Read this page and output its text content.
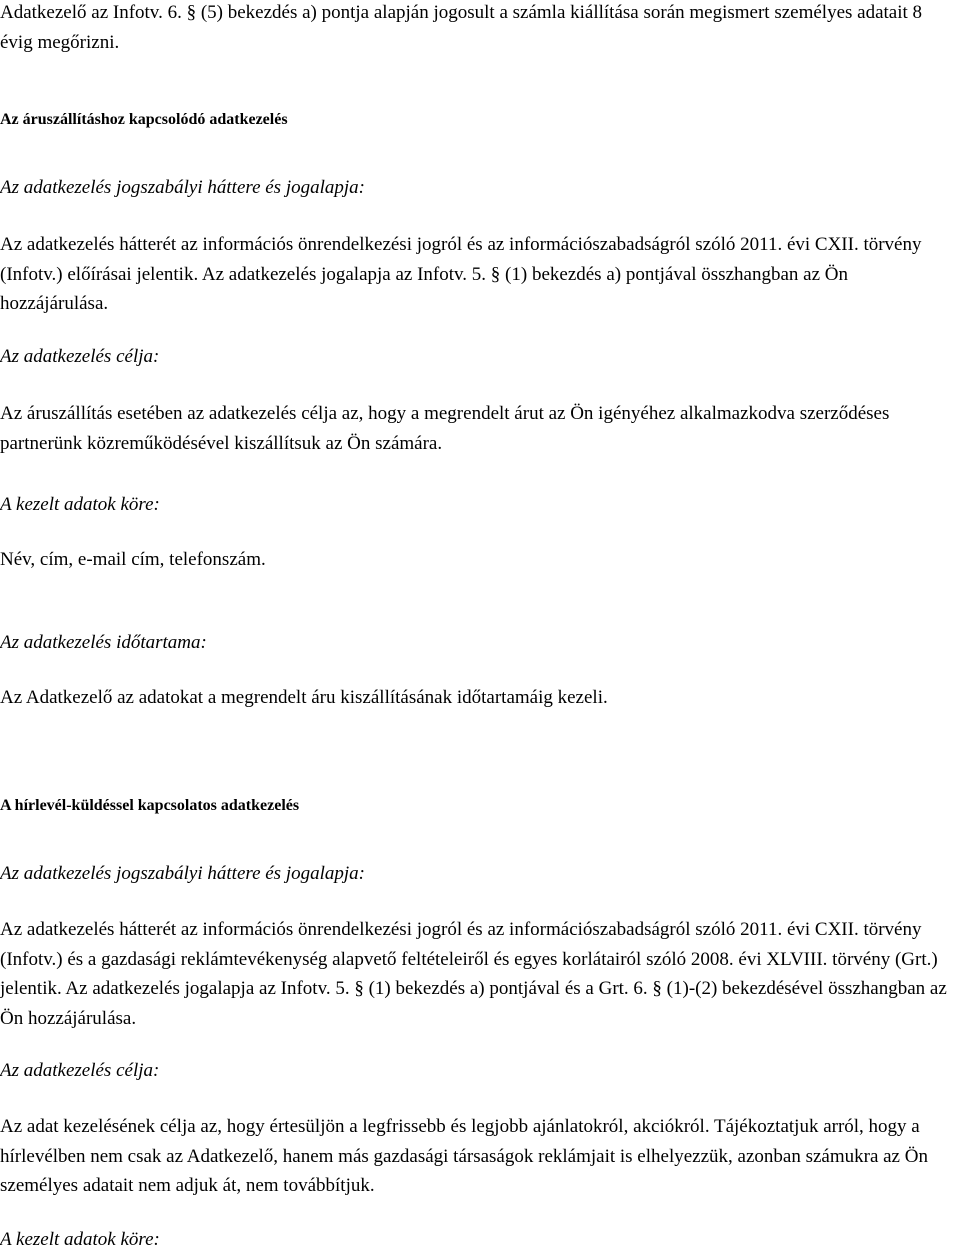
Adatkezelő az Infotv. 6. § (5) bekezdés a) pontja alapján jogosult a számla kiállítása során megismert személyes adatait 8 évig megőrizni.

Az áruszállításhoz kapcsolódó adatkezelés

Az adatkezelés jogszabályi háttere és jogalapja:

Az adatkezelés hátterét az információs önrendelkezési jogról és az információszabadságról szóló 2011. évi CXII. törvény (Infotv.) előírásai jelentik. Az adatkezelés jogalapja az Infotv. 5. § (1) bekezdés a) pontjával összhangban az Ön hozzájárulása.

Az adatkezelés célja:

Az áruszállítás esetében az adatkezelés célja az, hogy a megrendelt árut az Ön igényéhez alkalmazkodva szerződéses partnerünk közreműködésével kiszállítsuk az Ön számára.

A kezelt adatok köre:

Név, cím, e-mail cím, telefonszám.

Az adatkezelés időtartama:

Az Adatkezelő az adatokat a megrendelt áru kiszállításának időtartamáig kezeli.

A hírlevél-küldéssel kapcsolatos adatkezelés

Az adatkezelés jogszabályi háttere és jogalapja:

Az adatkezelés hátterét az információs önrendelkezési jogról és az információszabadságról szóló 2011. évi CXII. törvény (Infotv.) és a gazdasági reklámtevékenység alapvető feltételeiről és egyes korlátairól szóló 2008. évi XLVIII. törvény (Grt.) jelentik. Az adatkezelés jogalapja az Infotv. 5. § (1) bekezdés a) pontjával és a Grt. 6. § (1)-(2) bekezdésével összhangban az Ön hozzájárulása.

Az adatkezelés célja:

Az adat kezelésének célja az, hogy értesüljön a legfrissebb és legjobb ajánlatokról, akciókról. Tájékoztatjuk arról, hogy a hírlevélben nem csak az Adatkezelő, hanem más gazdasági társaságok reklámjait is elhelyezzük, azonban számukra az Ön személyes adatait nem adjuk át, nem továbbítjuk.

A kezelt adatok köre:
